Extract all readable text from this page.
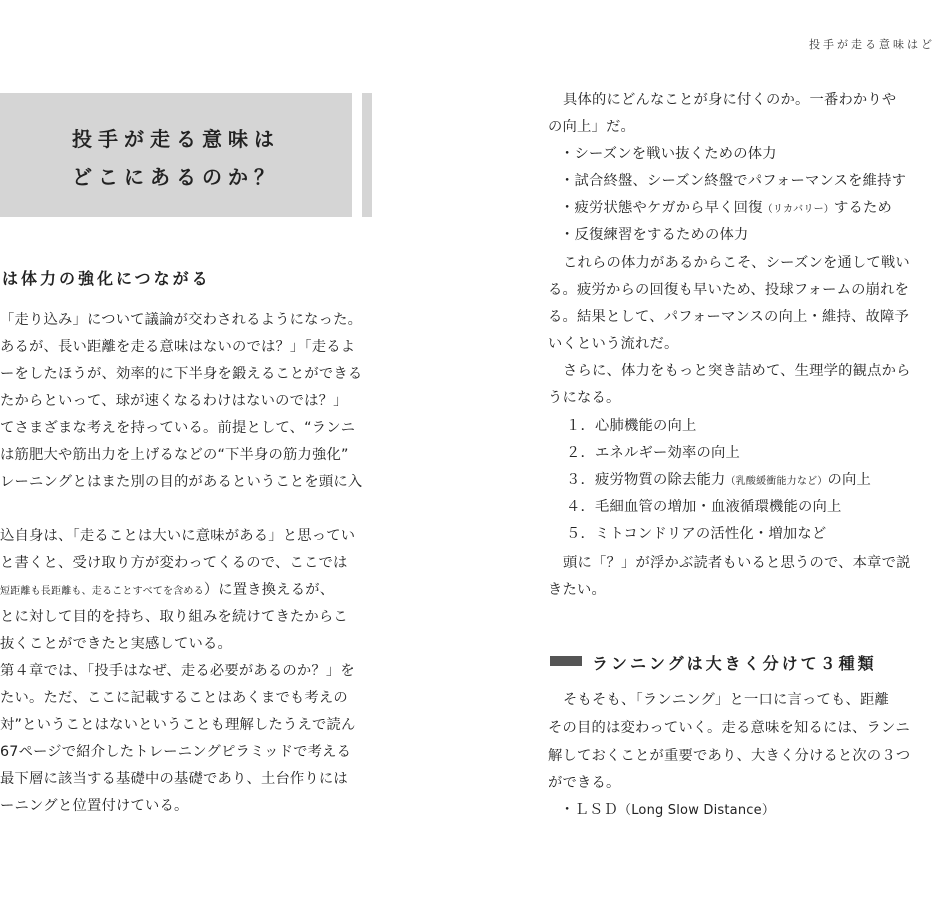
投手が走る意味は
どこにあるのか？
は体力の強化につながる
「走り込み」について議論が交わされるようになった。
あるが、長い距離を走る意味はないのでは？」「走るよ
ーをしたほうが、効率的に下半身を鍛えることができる
たからといって、球が速くなるわけはないのでは？」
てさまざまな考えを持っている。前提として、“ランニ
は筋肥大や筋出力を上げるなどの“下半身の筋力強化”
レーニングとはまた別の目的があるということを頭に入
込自身は、「走ることは大いに意味がある」と思ってい
と書くと、受け取り方が変わってくるので、ここでは
短距離も長距離も、走ることすべてを含める）に置き換えるが、
とに対して目的を持ち、取り組みを続けてきたからこ
抜くことができたと実感している。
第４章では、「投手はなぜ、走る必要があるのか？」を
たい。ただ、ここに記載することはあくまでも考えの
対”ということはないということも理解したうえで読ん
67ページで紹介したトレーニングピラミッドで考える
最下層に該当する基礎中の基礎であり、土台作りには
ーニングと位置付けている。
投手が走る意味はど
具体的にどんなことが身に付くのか。一番わかりや
の向上」だ。
・シーズンを戦い抜くための体力
・試合終盤、シーズン終盤でパフォーマンスを維持す
・疲労状態やケガから早く回復（リカバリー）するため
・反復練習をするための体力
これらの体力があるからこそ、シーズンを通して戦い
る。疲労からの回復も早いため、投球フォームの崩れを
る。結果として、パフォーマンスの向上・維持、故障予
いくという流れだ。
さらに、体力をもっと突き詰めて、生理学的観点から
うになる。
１．心肺機能の向上
２．エネルギー効率の向上
３．疲労物質の除去能力（乳酸緩衝能力など）の向上
４．毛細血管の増加・血液循環機能の向上
５．ミトコンドリアの活性化・増加など
頭に「？」が浮かぶ読者もいると思うので、本章で説
きたい。
ランニングは大きく分けて３種類
そもそも、「ランニング」と一口に言っても、距離
その目的は変わっていく。走る意味を知るには、ランニ
解しておくことが重要であり、大きく分けると次の３つ
ができる。
・ＬＳＤ（Long Slow Distance）
